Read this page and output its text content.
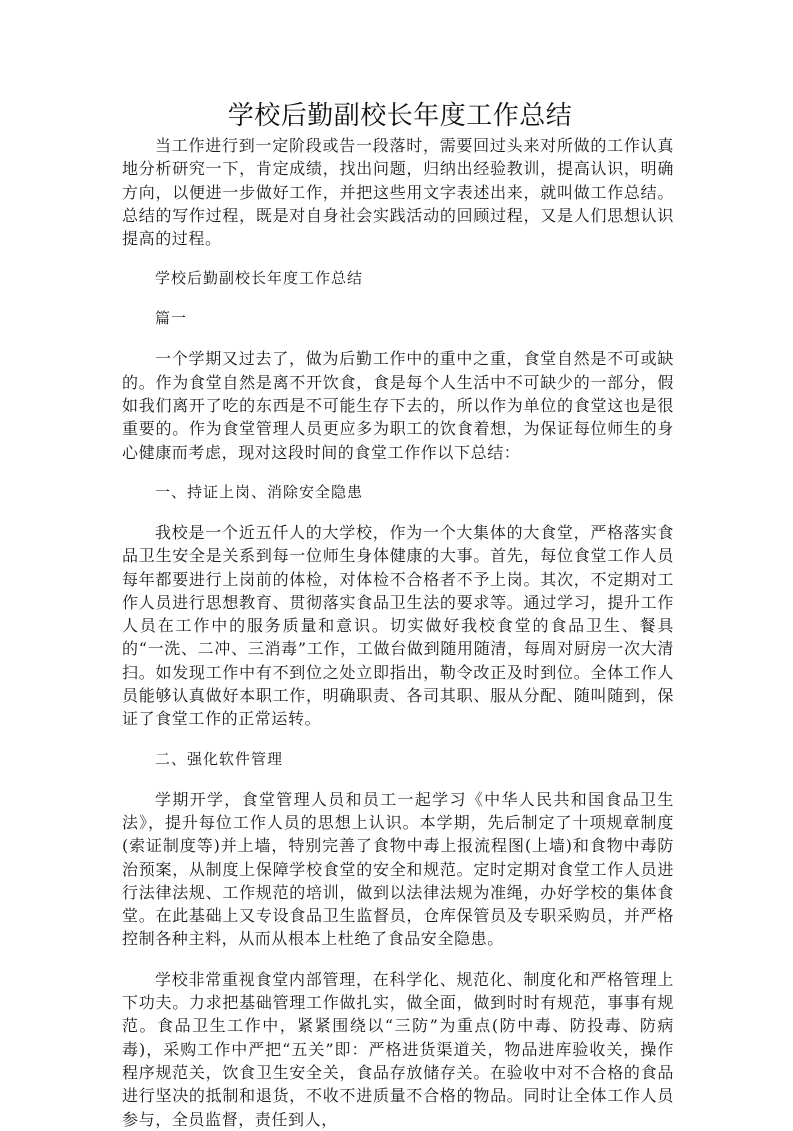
学校后勤副校长年度工作总结

当工作进行到一定阶段或告一段落时，需要回过头来对所做的工作认真地分析研究一下，肯定成绩，找出问题，归纳出经验教训，提高认识，明确方向，以便进一步做好工作，并把这些用文字表述出来，就叫做工作总结。总结的写作过程，既是对自身社会实践活动的回顾过程，又是人们思想认识提高的过程。

学校后勤副校长年度工作总结

篇一

一个学期又过去了，做为后勤工作中的重中之重，食堂自然是不可或缺的。作为食堂自然是离不开饮食，食是每个人生活中不可缺少的一部分，假如我们离开了吃的东西是不可能生存下去的，所以作为单位的食堂这也是很重要的。作为食堂管理人员更应多为职工的饮食着想，为保证每位师生的身心健康而考虑，现对这段时间的食堂工作作以下总结：

一、持证上岗、消除安全隐患

我校是一个近五仟人的大学校，作为一个大集体的大食堂，严格落实食品卫生安全是关系到每一位师生身体健康的大事。首先，每位食堂工作人员每年都要进行上岗前的体检，对体检不合格者不予上岗。其次，不定期对工作人员进行思想教育、贯彻落实食品卫生法的要求等。通过学习，提升工作人员在工作中的服务质量和意识。切实做好我校食堂的食品卫生、餐具的“一洗、二冲、三消毒”工作，工做台做到随用随清，每周对厨房一次大清扫。如发现工作中有不到位之处立即指出，勒令改正及时到位。全体工作人员能够认真做好本职工作，明确职责、各司其职、服从分配、随叫随到，保证了食堂工作的正常运转。

二、强化软件管理

学期开学，食堂管理人员和员工一起学习《中华人民共和国食品卫生法》，提升每位工作人员的思想上认识。本学期，先后制定了十项规章制度(索证制度等)并上墙，特别完善了食物中毒上报流程图(上墙)和食物中毒防治预案，从制度上保障学校食堂的安全和规范。定时定期对食堂工作人员进行法律法规、工作规范的培训，做到以法律法规为准绳，办好学校的集体食堂。在此基础上又专设食品卫生监督员，仓库保管员及专职采购员，并严格控制各种主料，从而从根本上杜绝了食品安全隐患。

学校非常重视食堂内部管理，在科学化、规范化、制度化和严格管理上下功夫。力求把基础管理工作做扎实，做全面，做到时时有规范，事事有规范。食品卫生工作中，紧紧围绕以“三防”为重点(防中毒、防投毒、防病毒)，采购工作中严把“五关”即：严格进货渠道关，物品进库验收关，操作程序规范关，饮食卫生安全关，食品存放储存关。在验收中对不合格的食品进行坚决的抵制和退货，不收不进质量不合格的物品。同时让全体工作人员参与，全员监督，责任到人，
